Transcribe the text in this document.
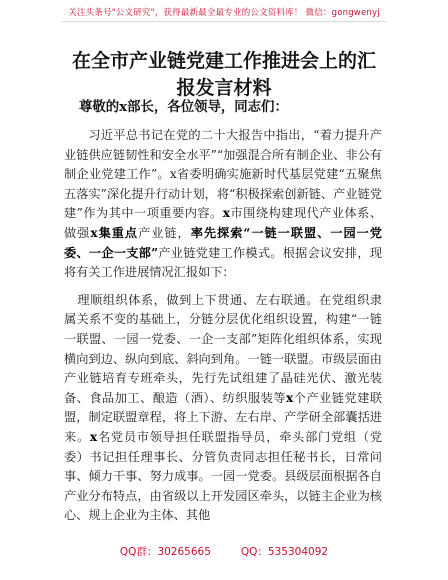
关注头条号"公文研究"，获得最新最全最专业的公文资料库！ 微信：gongwenyj
在全市产业链党建工作推进会上的汇报发言材料
尊敬的x部长，各位领导，同志们：

习近平总书记在党的二十大报告中指出，“着力提升产业链供应链韧性和安全水平”“加强混合所有制企业、非公有制企业党建工作”。x省委明确实施新时代基层党建“五聚焦五落实”深化提升行动计划，将“积极探索创新链、产业链党建”作为其中一项重要内容。x市围绕构建现代产业体系、做强x集重点产业链，率先探索“一链一联盟、一园一党委、一企一支部”产业链党建工作模式。根据会议安排，现将有关工作进展情况汇报如下：

理顺组织体系，做到上下贯通、左右联通。在党组织隶属关系不变的基础上，分链分层优化组织设置，构建“一链一联盟、一园一党委、一企一支部”矩阵化组织体系，实现横向到边、纵向到底、斜向到角。一链一联盟。市级层面由产业链培育专班牵头，先行先试组建了晶硅光伏、激光装备、食品加工、酿造（酒）、纺织服装等x个产业链党建联盟，制定联盟章程，将上下游、左右岸、产学研全部囊括进来。x名党员市领导担任联盟指导员，牵头部门党组（党委）书记担任理事长、分管负责同志担任秘书长，日常问事、倾力干事、努力成事。一园一党委。县级层面根据各自产业分布特点，由省级以上开发园区牵头，以链主企业为核心、规上企业为主体、其他

QQ群：30265665	QQ：535304092
